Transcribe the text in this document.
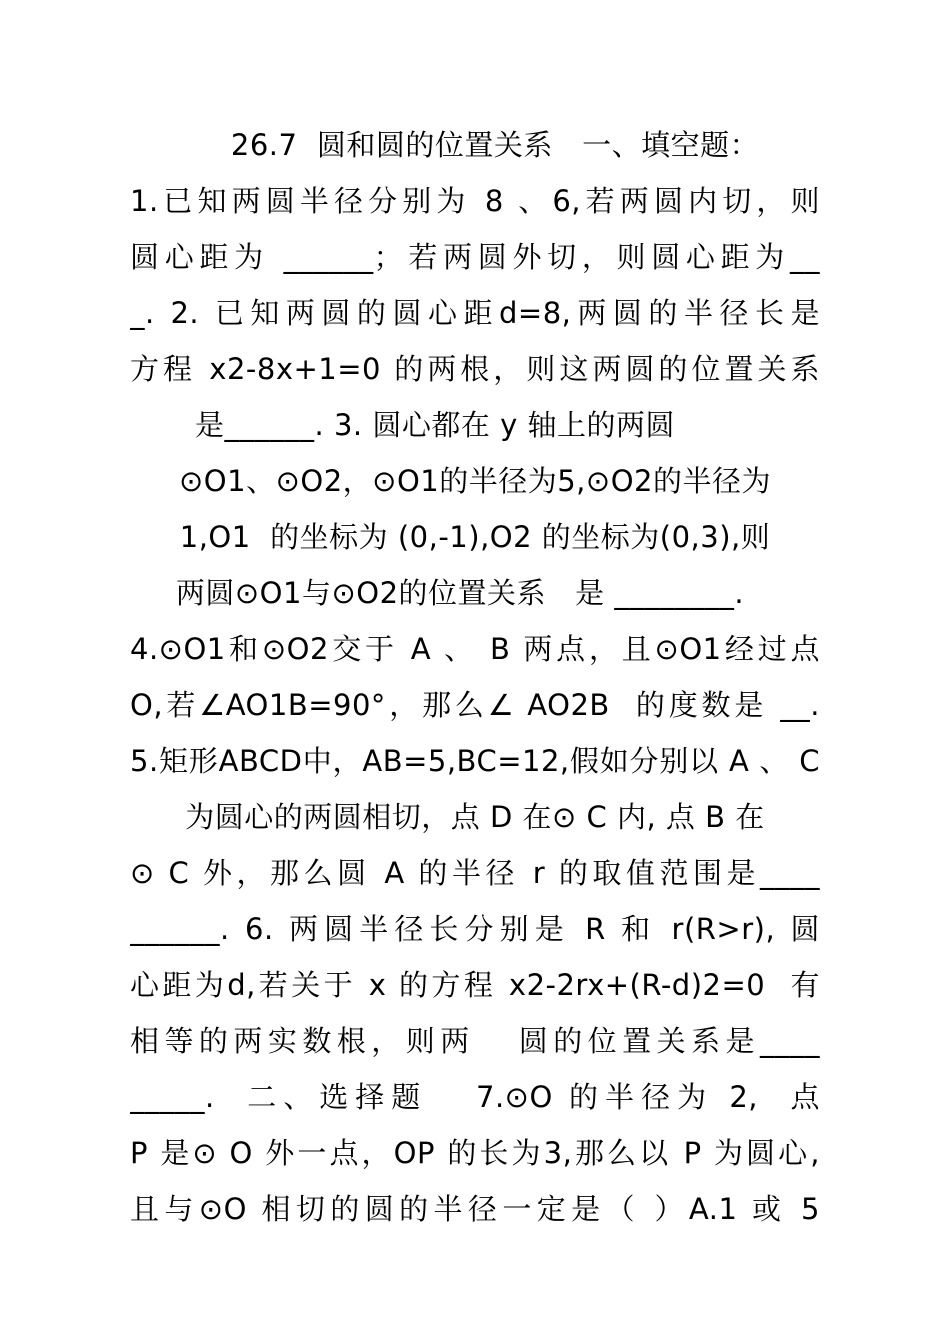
26.7  圆和圆的位置关系   一、填空题：
1.已知两圆半径分别为 8 、6,若两圆内切，则
圆心距为 ______；若两圆外切，则圆心距为__
_. 2. 已知两圆的圆心距d=8,两圆的半径长是
方程 x2-8x+1=0 的两根，则这两圆的位置关系
是______. 3. 圆心都在 y 轴上的两圆
⊙O1、⊙O2，⊙O1的半径为5,⊙O2的半径为
1,O1  的坐标为 (0,-1),O2 的坐标为(0,3),则
两圆⊙O1与⊙O2的位置关系   是 ________.
4.⊙O1和⊙O2交于 A 、 B 两点，且⊙O1经过点
O,若∠AO1B=90°，那么∠ AO2B  的度数是 __.
5.矩形ABCD中，AB=5,BC=12,假如分别以 A 、 C
为圆心的两圆相切，点 D 在⊙ C 内, 点 B 在
⊙ C 外，那么圆 A 的半径 r 的取值范围是____
______. 6. 两圆半径长分别是 R 和 r(R>r), 圆
心距为d,若关于 x 的方程 x2-2rx+(R-d)2=0  有
相等的两实数根，则两   圆的位置关系是____
_____.  二、选择题   7.⊙O 的半径为 2,  点
P 是⊙ O 外一点，OP 的长为3,那么以 P 为圆心,
且与⊙O 相切的圆的半径一定是（ ）A.1 或 5
